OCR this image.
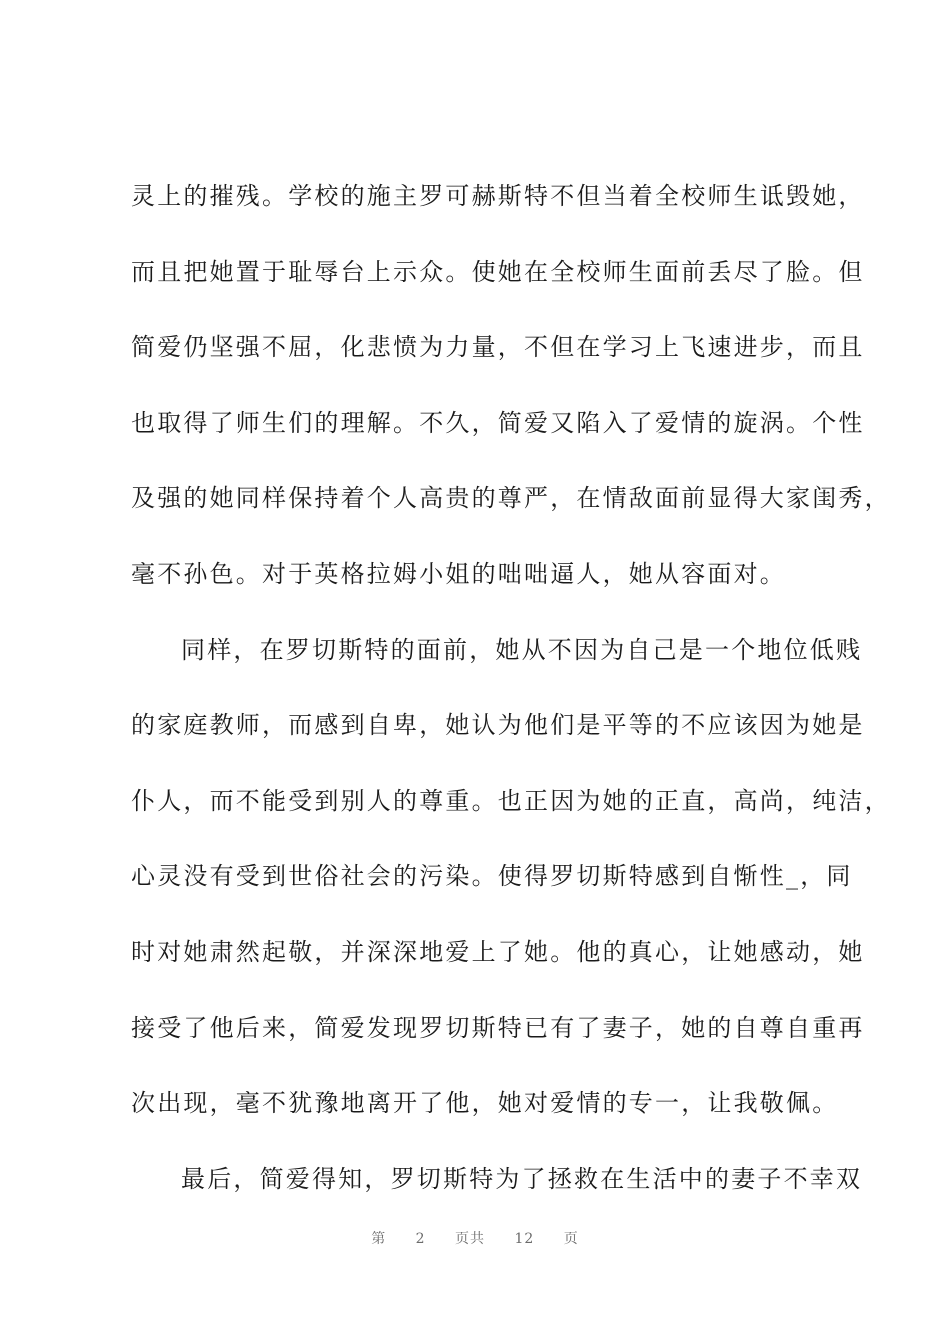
灵上的摧残。学校的施主罗可赫斯特不但当着全校师生诋毁她，
而且把她置于耻辱台上示众。使她在全校师生面前丢尽了脸。但
简爱仍坚强不屈，化悲愤为力量，不但在学习上飞速进步，而且
也取得了师生们的理解。不久，简爱又陷入了爱情的旋涡。个性
及强的她同样保持着个人高贵的尊严，在情敌面前显得大家闺秀，
毫不孙色。对于英格拉姆小姐的咄咄逼人，她从容面对。
同样，在罗切斯特的面前，她从不因为自己是一个地位低贱
的家庭教师，而感到自卑，她认为他们是平等的不应该因为她是
仆人，而不能受到别人的尊重。也正因为她的正直，高尚，纯洁，
心灵没有受到世俗社会的污染。使得罗切斯特感到自惭性_，同
时对她肃然起敬，并深深地爱上了她。他的真心，让她感动，她
接受了他后来，简爱发现罗切斯特已有了妻子，她的自尊自重再
次出现，毫不犹豫地离开了他，她对爱情的专一，让我敬佩。
最后，简爱得知，罗切斯特为了拯救在生活中的妻子不幸双
第 2 页共 12 页
